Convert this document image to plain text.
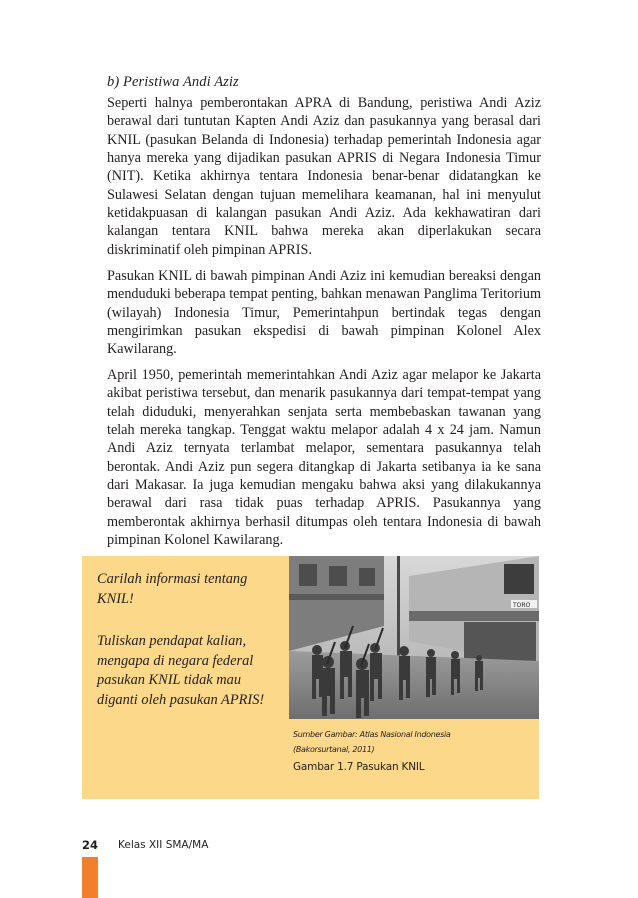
b) Peristiwa Andi Aziz

Seperti halnya pemberontakan APRA di Bandung, peristiwa Andi Aziz berawal dari tuntutan Kapten Andi Aziz dan pasukannya yang berasal dari KNIL (pasukan Belanda di Indonesia) terhadap pemerintah Indonesia agar hanya mereka yang dijadikan pasukan APRIS di Negara Indonesia Timur (NIT). Ketika akhirnya tentara Indonesia benar-benar didatangkan ke Sulawesi Selatan dengan tujuan memelihara keamanan, hal ini menyulut ketidakpuasan di kalangan pasukan Andi Aziz. Ada kekhawatiran dari kalangan tentara KNIL bahwa mereka akan diperlakukan secara diskriminatif oleh pimpinan APRIS.

Pasukan KNIL di bawah pimpinan Andi Aziz ini kemudian bereaksi dengan menduduki beberapa tempat penting, bahkan menawan Panglima Teritorium (wilayah) Indonesia Timur, Pemerintahpun bertindak tegas dengan mengirimkan pasukan ekspedisi di bawah pimpinan Kolonel Alex Kawilarang.

April 1950, pemerintah memerintahkan Andi Aziz agar melapor ke Jakarta akibat peristiwa tersebut, dan menarik pasukannya dari tempat-tempat yang telah diduduki, menyerahkan senjata serta membebaskan tawanan yang telah mereka tangkap. Tenggat waktu melapor adalah 4 x 24 jam. Namun Andi Aziz ternyata terlambat melapor, sementara pasukannya telah berontak. Andi Aziz pun segera ditangkap di Jakarta setibanya ia ke sana dari Makasar. Ia juga kemudian mengaku bahwa aksi yang dilakukannya berawal dari rasa tidak puas terhadap APRIS. Pasukannya yang memberontak akhirnya berhasil ditumpas oleh tentara Indonesia di bawah pimpinan Kolonel Kawilarang.

Carilah informasi tentang KNIL!
Tuliskan pendapat kalian, mengapa di negara federal pasukan KNIL tidak mau diganti oleh pasukan APRIS!
TORO
Sumber Gambar: Atlas Nasional Indonesia
(Bakorsurtanal, 2011)
Gambar 1.7 Pasukan KNIL
24 Kelas XII SMA/MA
